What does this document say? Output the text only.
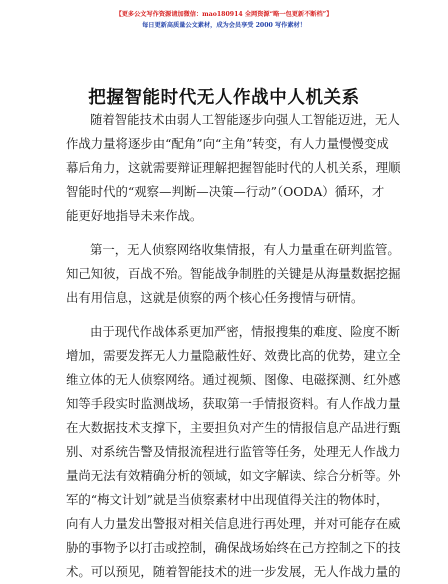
【更多公文写作资源请加微信：mao180914 全网资源“略一包更新不断档”】
每日更新高质量公文素材，成为会员享受 2000 写作素材！
把握智能时代无人作战中人机关系
随着智能技术由弱人工智能逐步向强人工智能迈进，无人
作战力量将逐步由“配角”向“主角”转变，有人力量慢慢变成
幕后角力，这就需要辩证理解把握智能时代的人机关系，理顺
智能时代的“观察—判断—决策—行动”（OODA）循环，才
能更好地指导未来作战。
第一，无人侦察网络收集情报，有人力量重在研判监管。
知己知彼，百战不殆。智能战争制胜的关键是从海量数据挖掘
出有用信息，这就是侦察的两个核心任务搜情与研情。
由于现代作战体系更加严密，情报搜集的难度、险度不断
增加，需要发挥无人力量隐蔽性好、效费比高的优势，建立全
维立体的无人侦察网络。通过视频、图像、电磁探测、红外感
知等手段实时监测战场，获取第一手情报资料。有人作战力量
在大数据技术支撑下，主要担负对产生的情报信息产品进行甄
别、对系统告警及情报流程进行监管等任务，处理无人作战力
量尚无法有效精确分析的领域，如文字解读、综合分析等。外
军的“梅文计划”就是当侦察素材中出现值得关注的物体时，
向有人力量发出警报对相关信息进行再处理，并对可能存在威
胁的事物予以打击或控制，确保战场始终在己方控制之下的技
术。可以预见，随着智能技术的进一步发展，无人作战力量的
